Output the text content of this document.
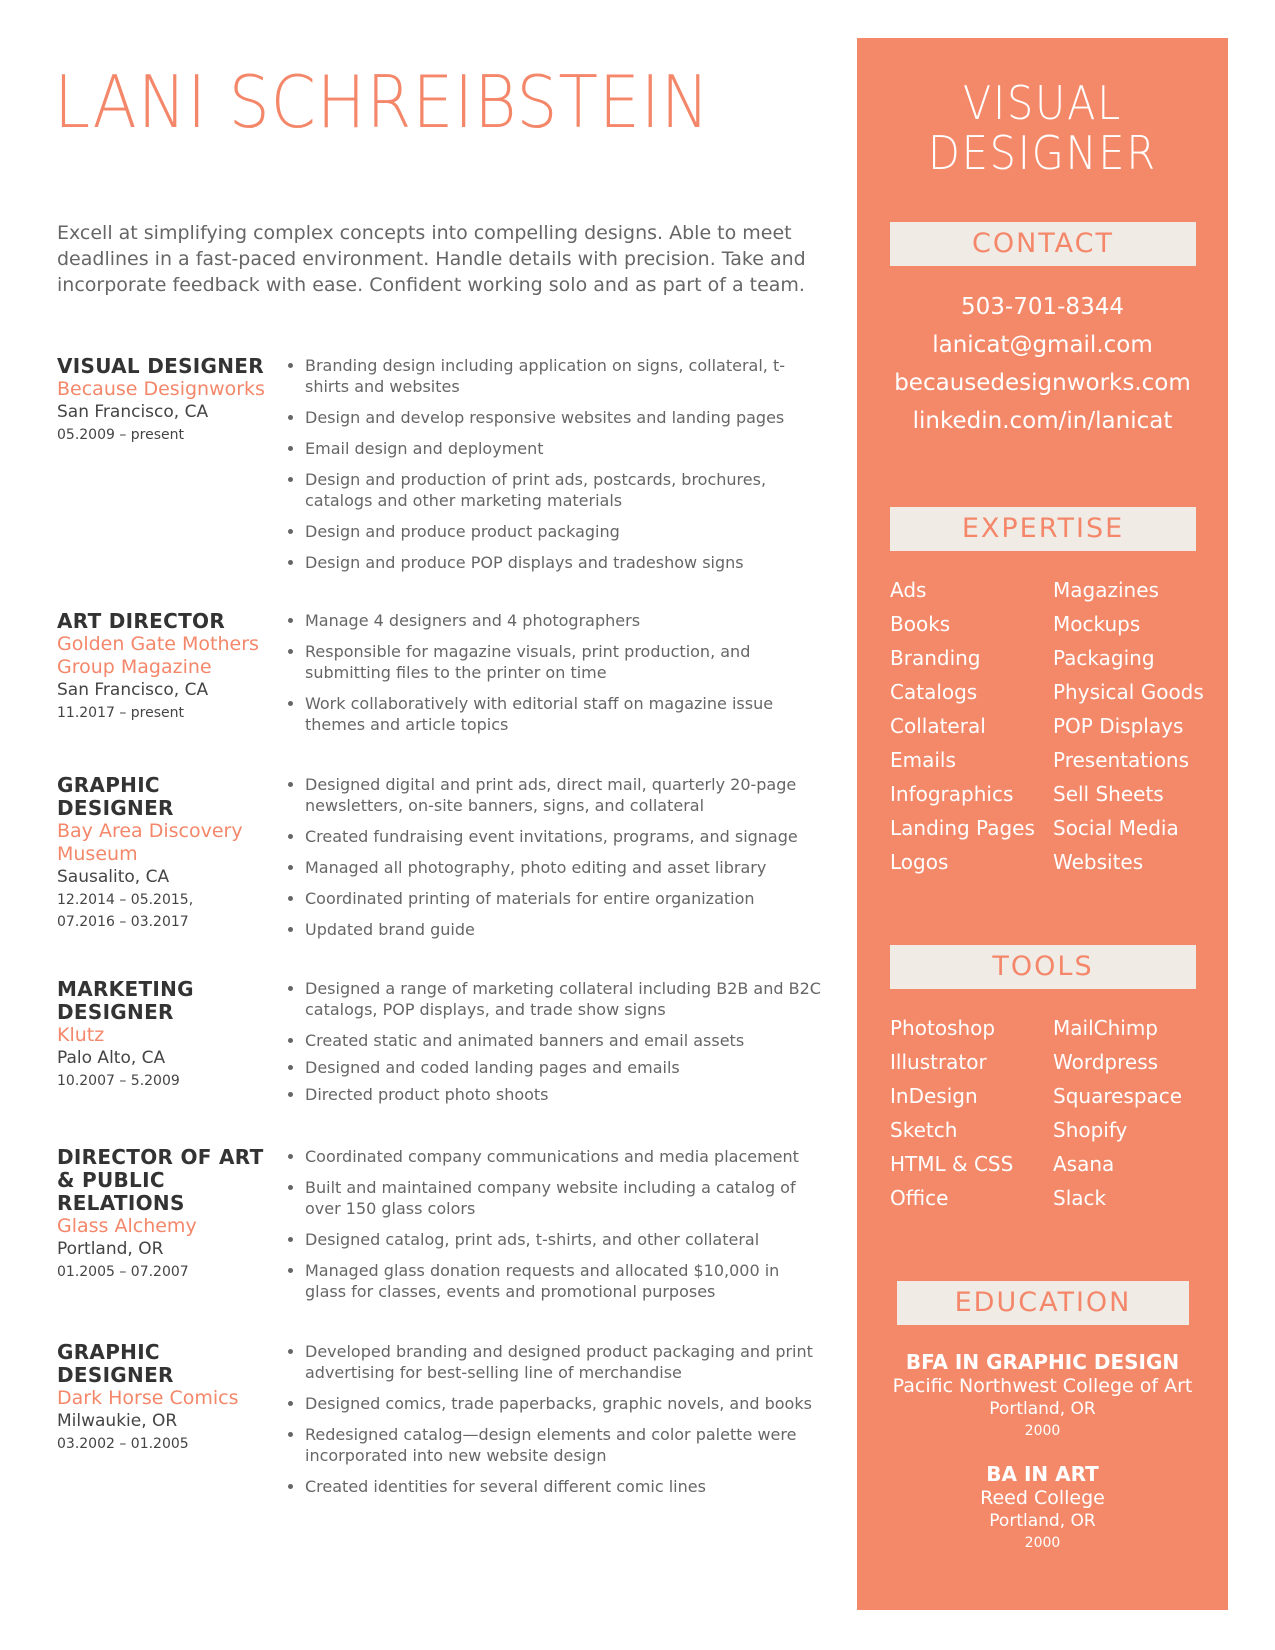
LANI SCHREIBSTEIN

Excell at simplifying complex concepts into compelling designs. Able to meet deadlines in a fast-paced environment. Handle details with precision. Take and incorporate feedback with ease. Confident working solo and as part of a team.

VISUAL DESIGNER
Because Designworks
San Francisco, CA
05.2009 – present
• Branding design including application on signs, collateral, t-shirts and websites
• Design and develop responsive websites and landing pages
• Email design and deployment
• Design and production of print ads, postcards, brochures, catalogs and other marketing materials
• Design and produce product packaging
• Design and produce POP displays and tradeshow signs
ART DIRECTOR
Golden Gate Mothers Group Magazine
San Francisco, CA
11.2017 – present
• Manage 4 designers and 4 photographers
• Responsible for magazine visuals, print production, and submitting files to the printer on time
• Work collaboratively with editorial staff on magazine issue themes and article topics
GRAPHIC DESIGNER
Bay Area Discovery Museum
Sausalito, CA
12.2014 – 05.2015,
07.2016 – 03.2017
• Designed digital and print ads, direct mail, quarterly 20-page newsletters, on-site banners, signs, and collateral
• Created fundraising event invitations, programs, and signage
• Managed all photography, photo editing and asset library
• Coordinated printing of materials for entire organization
• Updated brand guide
MARKETING DESIGNER
Klutz
Palo Alto, CA
10.2007 – 5.2009
• Designed a range of marketing collateral including B2B and B2C catalogs, POP displays, and trade show signs
• Created static and animated banners and email assets
• Designed and coded landing pages and emails
• Directed product photo shoots
DIRECTOR OF ART & PUBLIC RELATIONS
Glass Alchemy
Portland, OR
01.2005 – 07.2007
• Coordinated company communications and media placement
• Built and maintained company website including a catalog of over 150 glass colors
• Designed catalog, print ads, t-shirts, and other collateral
• Managed glass donation requests and allocated $10,000 in glass for classes, events and promotional purposes
GRAPHIC DESIGNER
Dark Horse Comics
Milwaukie, OR
03.2002 – 01.2005
• Developed branding and designed product packaging and print advertising for best-selling line of merchandise
• Designed comics, trade paperbacks, graphic novels, and books
• Redesigned catalog—design elements and color palette were incorporated into new website design
• Created identities for several different comic lines
VISUAL
DESIGNER
CONTACT
503-701-8344
lanicat@gmail.com
becausedesignworks.com
linkedin.com/in/lanicat
EXPERTISE
Ads
Books
Branding
Catalogs
Collateral
Emails
Infographics
Landing Pages
Logos
Magazines
Mockups
Packaging
Physical Goods
POP Displays
Presentations
Sell Sheets
Social Media
Websites
TOOLS
Photoshop
Illustrator
InDesign
Sketch
HTML & CSS
Office
MailChimp
Wordpress
Squarespace
Shopify
Asana
Slack
EDUCATION
BFA IN GRAPHIC DESIGN
Pacific Northwest College of Art
Portland, OR
2000
BA IN ART
Reed College
Portland, OR
2000
